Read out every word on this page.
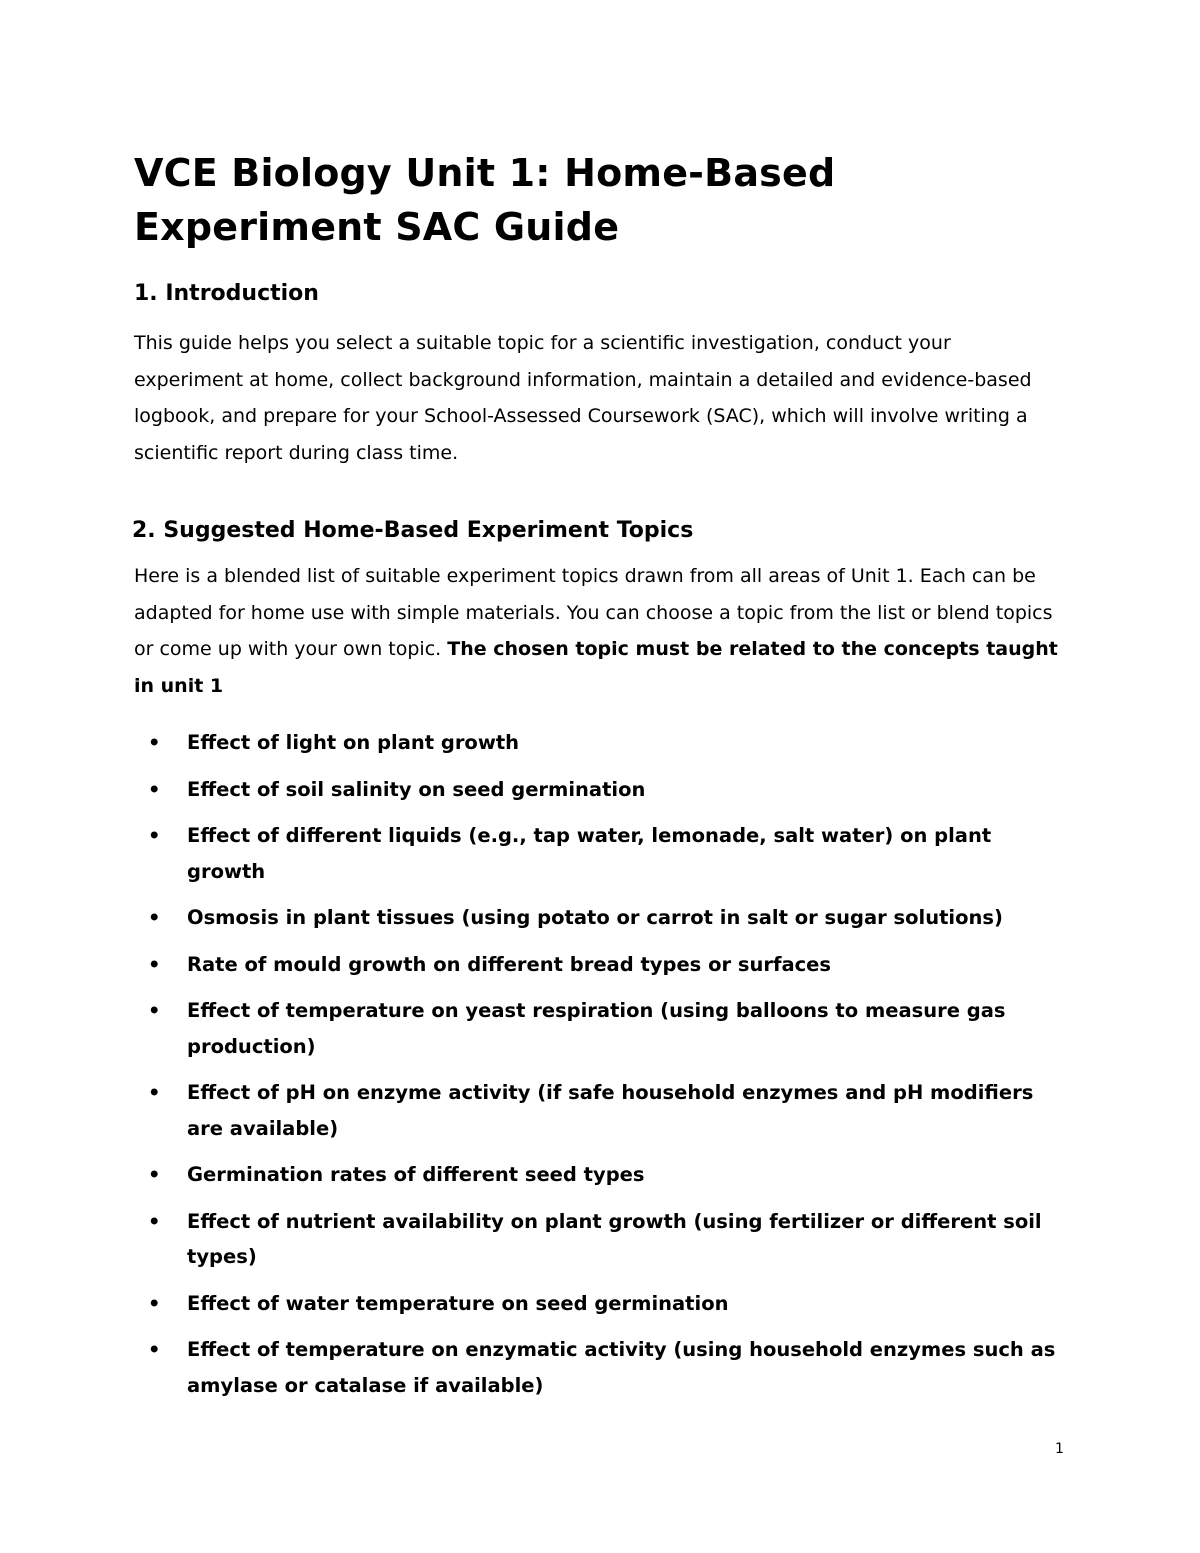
VCE Biology Unit 1: Home-Based Experiment SAC Guide
1. Introduction

This guide helps you select a suitable topic for a scientific investigation, conduct your experiment at home, collect background information, maintain a detailed and evidence-based logbook, and prepare for your School-Assessed Coursework (SAC), which will involve writing a scientific report during class time.

2. Suggested Home-Based Experiment Topics

Here is a blended list of suitable experiment topics drawn from all areas of Unit 1. Each can be adapted for home use with simple materials. You can choose a topic from the list or blend topics or come up with your own topic. The chosen topic must be related to the concepts taught in unit 1

• Effect of light on plant growth
• Effect of soil salinity on seed germination
• Effect of different liquids (e.g., tap water, lemonade, salt water) on plant growth
• Osmosis in plant tissues (using potato or carrot in salt or sugar solutions)
• Rate of mould growth on different bread types or surfaces
• Effect of temperature on yeast respiration (using balloons to measure gas production)
• Effect of pH on enzyme activity (if safe household enzymes and pH modifiers are available)
• Germination rates of different seed types
• Effect of nutrient availability on plant growth (using fertilizer or different soil types)
• Effect of water temperature on seed germination
• Effect of temperature on enzymatic activity (using household enzymes such as amylase or catalase if available)
1
